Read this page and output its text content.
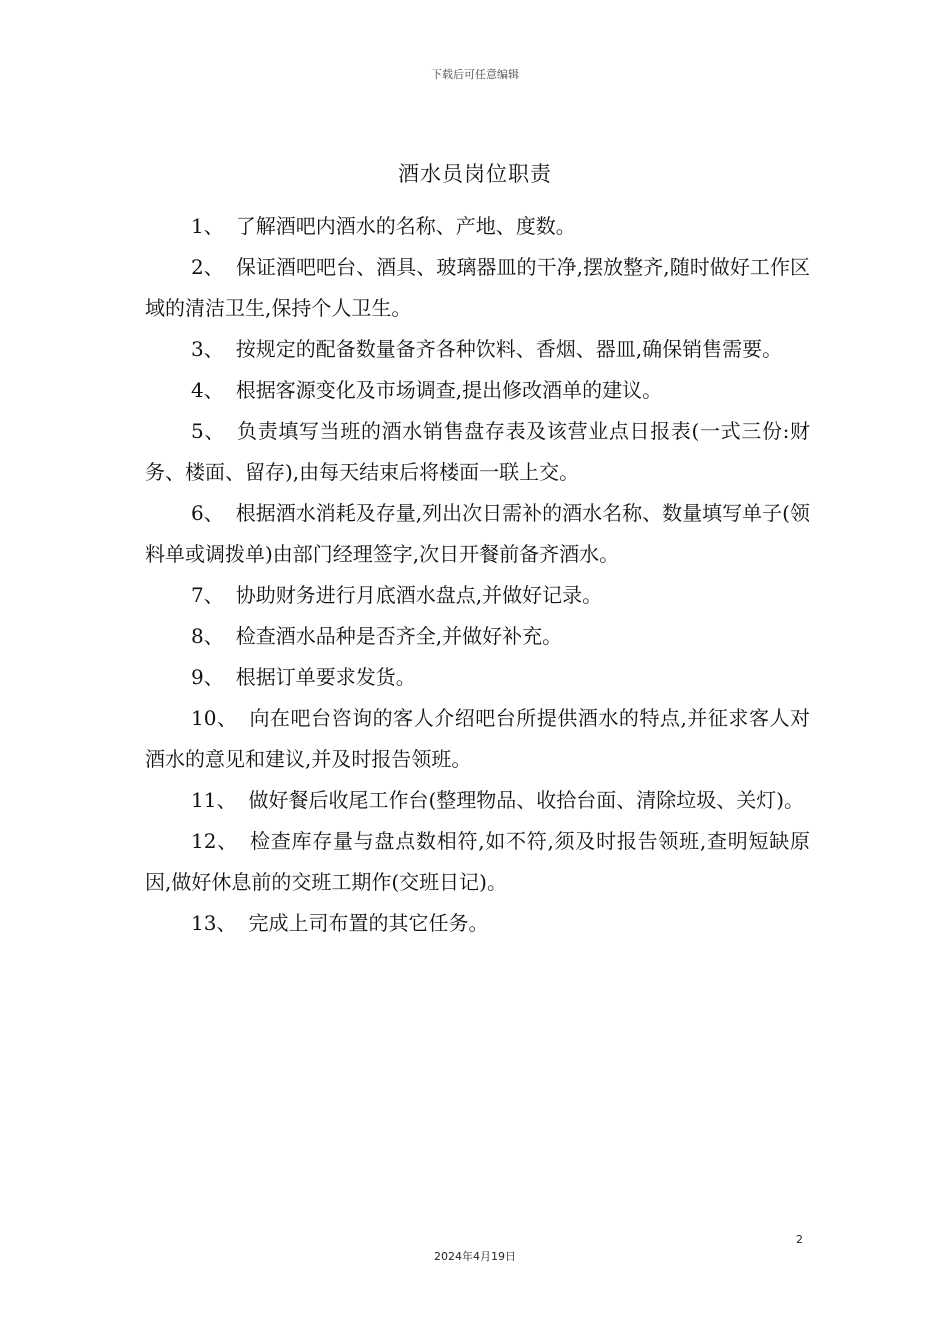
下载后可任意编辑
酒水员岗位职责

1、 了解酒吧内酒水的名称、产地、度数。

2、 保证酒吧吧台、酒具、玻璃器皿的干净,摆放整齐,随时做好工作区域的清洁卫生,保持个人卫生。

3、 按规定的配备数量备齐各种饮料、香烟、器皿,确保销售需要。

4、 根据客源变化及市场调查,提出修改酒单的建议。

5、 负责填写当班的酒水销售盘存表及该营业点日报表(一式三份:财务、楼面、留存),由每天结束后将楼面一联上交。

6、 根据酒水消耗及存量,列出次日需补的酒水名称、数量填写单子(领料单或调拨单)由部门经理签字,次日开餐前备齐酒水。

7、 协助财务进行月底酒水盘点,并做好记录。

8、 检查酒水品种是否齐全,并做好补充。

9、 根据订单要求发货。

10、 向在吧台咨询的客人介绍吧台所提供酒水的特点,并征求客人对酒水的意见和建议,并及时报告领班。

11、 做好餐后收尾工作台(整理物品、收拾台面、清除垃圾、关灯)。

12、 检查库存量与盘点数相符,如不符,须及时报告领班,查明短缺原因,做好休息前的交班工期作(交班日记)。

13、 完成上司布置的其它任务。

2
2024年4月19日
